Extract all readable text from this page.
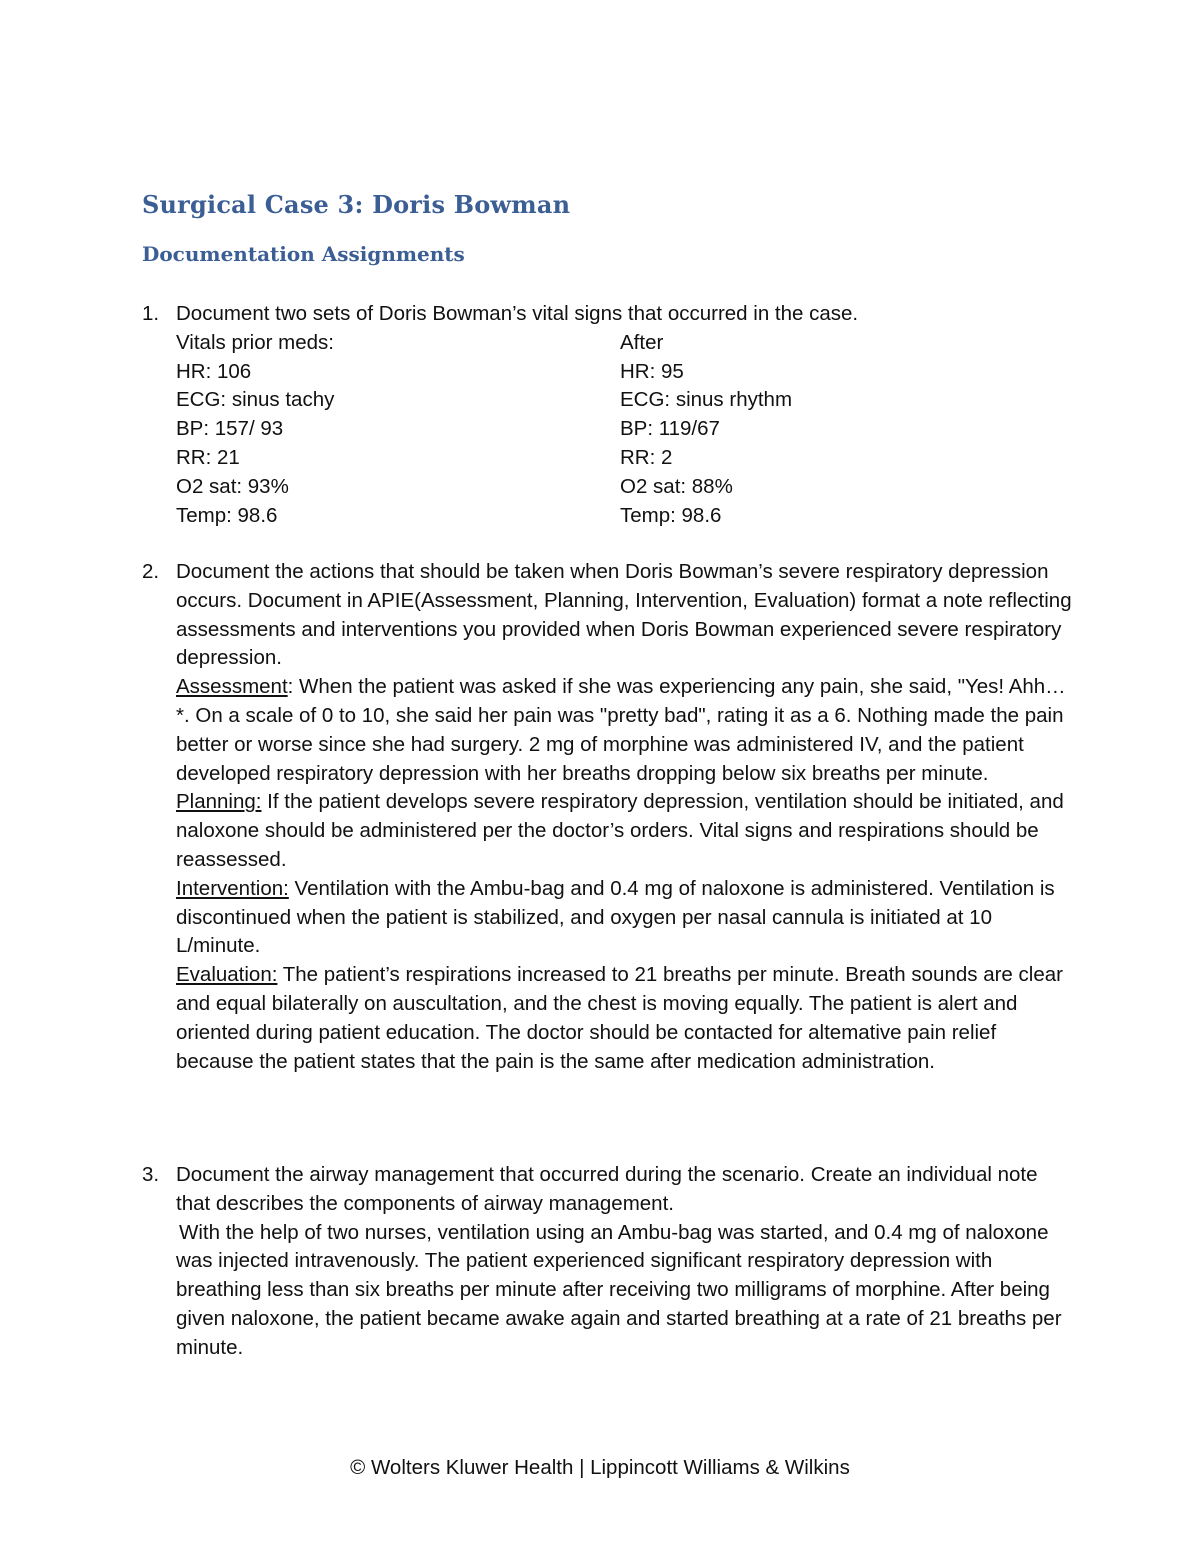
Surgical Case 3: Doris Bowman
Documentation Assignments
1. Document two sets of Doris Bowman’s vital signs that occurred in the case.

Vitals prior meds:	After
HR: 106	HR: 95
ECG: sinus tachy	ECG: sinus rhythm
BP: 157/ 93	BP: 119/67
RR: 21	RR: 2
O2 sat: 93%	O2 sat: 88%
Temp: 98.6	Temp: 98.6
2. Document the actions that should be taken when Doris Bowman’s severe respiratory depression occurs. Document in APIE(Assessment, Planning, Intervention, Evaluation) format a note reflecting assessments and interventions you provided when Doris Bowman experienced severe respiratory depression.

Assessment: When the patient was asked if she was experiencing any pain, she said, "Yes! Ahh…*. On a scale of 0 to 10, she said her pain was "pretty bad", rating it as a 6. Nothing made the pain better or worse since she had surgery. 2 mg of morphine was administered IV, and the patient developed respiratory depression with her breaths dropping below six breaths per minute.

Planning: If the patient develops severe respiratory depression, ventilation should be initiated, and naloxone should be administered per the doctor’s orders. Vital signs and respirations should be reassessed.

Intervention: Ventilation with the Ambu-bag and 0.4 mg of naloxone is administered. Ventilation is discontinued when the patient is stabilized, and oxygen per nasal cannula is initiated at 10 L/minute.

Evaluation: The patient’s respirations increased to 21 breaths per minute. Breath sounds are clear and equal bilaterally on auscultation, and the chest is moving equally. The patient is alert and oriented during patient education. The doctor should be contacted for altemative pain relief because the patient states that the pain is the same after medication administration.

3. Document the airway management that occurred during the scenario. Create an individual note that describes the components of airway management.

With the help of two nurses, ventilation using an Ambu-bag was started, and 0.4 mg of naloxone was injected intravenously. The patient experienced significant respiratory depression with breathing less than six breaths per minute after receiving two milligrams of morphine. After being given naloxone, the patient became awake again and started breathing at a rate of 21 breaths per minute.

© Wolters Kluwer Health | Lippincott Williams & Wilkins
